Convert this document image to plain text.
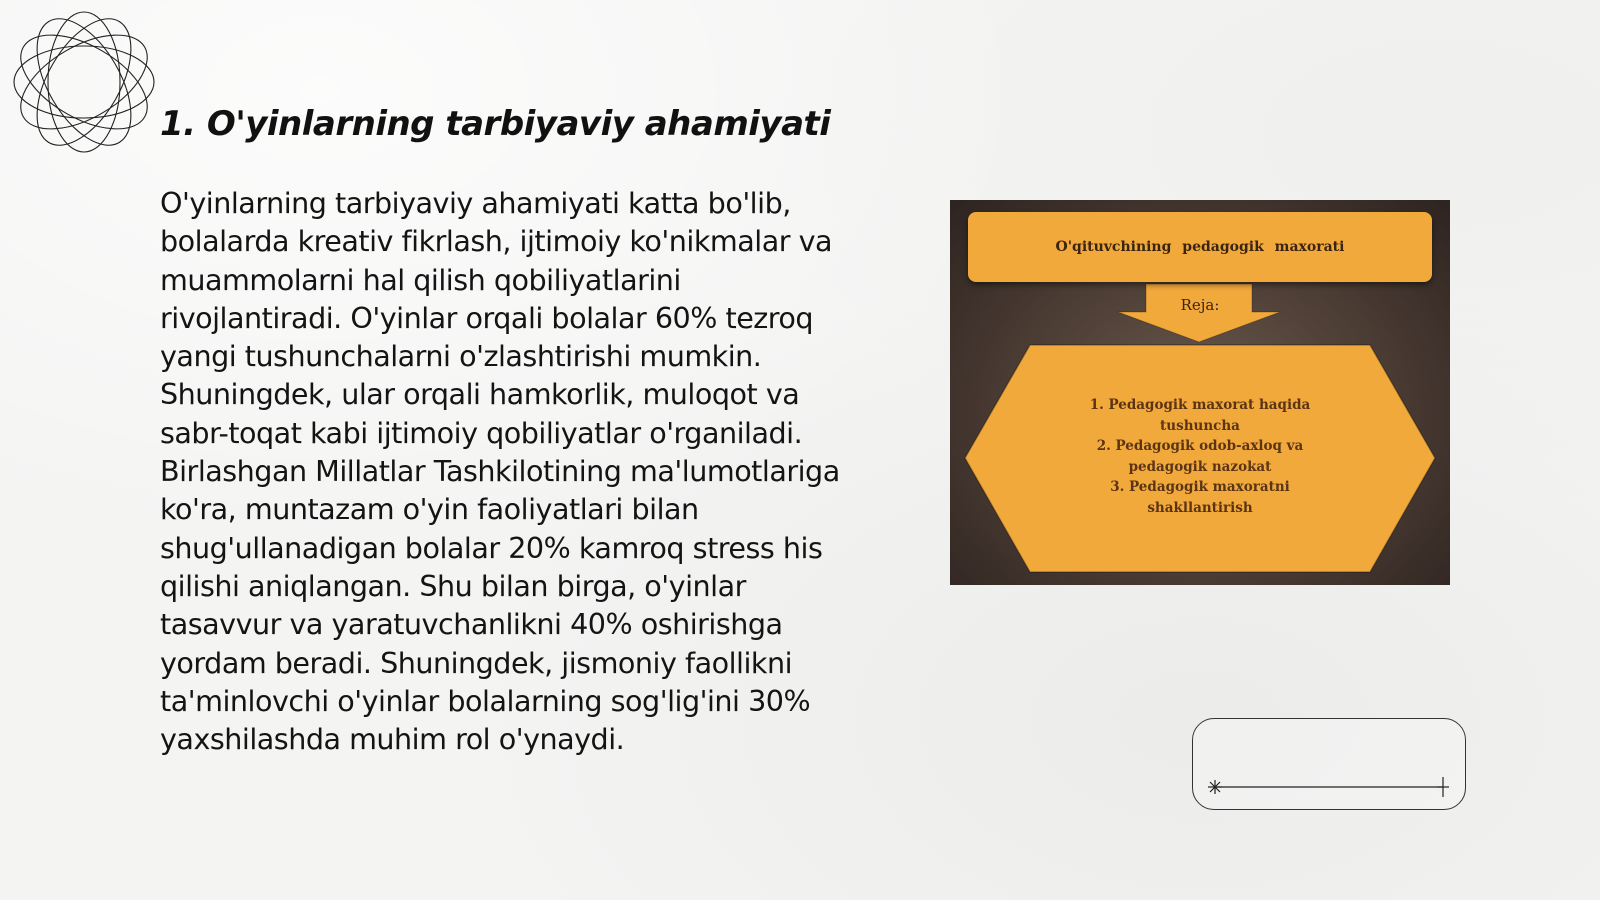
1. O'yinlarning tarbiyaviy ahamiyati

O'yinlarning tarbiyaviy ahamiyati katta bo'lib, bolalarda kreativ fikrlash, ijtimoiy ko'nikmalar va muammolarni hal qilish qobiliyatlarini rivojlantiradi. O'yinlar orqali bolalar 60% tezroq yangi tushunchalarni o'zlashtirishi mumkin. Shuningdek, ular orqali hamkorlik, muloqot va sabr-toqat kabi ijtimoiy qobiliyatlar o'rganiladi. Birlashgan Millatlar Tashkilotining ma'lumotlariga ko'ra, muntazam o'yin faoliyatlari bilan shug'ullanadigan bolalar 20% kamroq stress his qilishi aniqlangan. Shu bilan birga, o'yinlar tasavvur va yaratuvchanlikni 40% oshirishga yordam beradi. Shuningdek, jismoniy faollikni ta'minlovchi o'yinlar bolalarning sog'lig'ini 30% yaxshilashda muhim rol o'ynaydi.

O'qituvchining pedagogik maxorati
Reja:
1. Pedagogik maxorat haqida tushuncha
2. Pedagogik odob-axloq va pedagogik nazokat
3. Pedagogik maxoratni shakllantirish
